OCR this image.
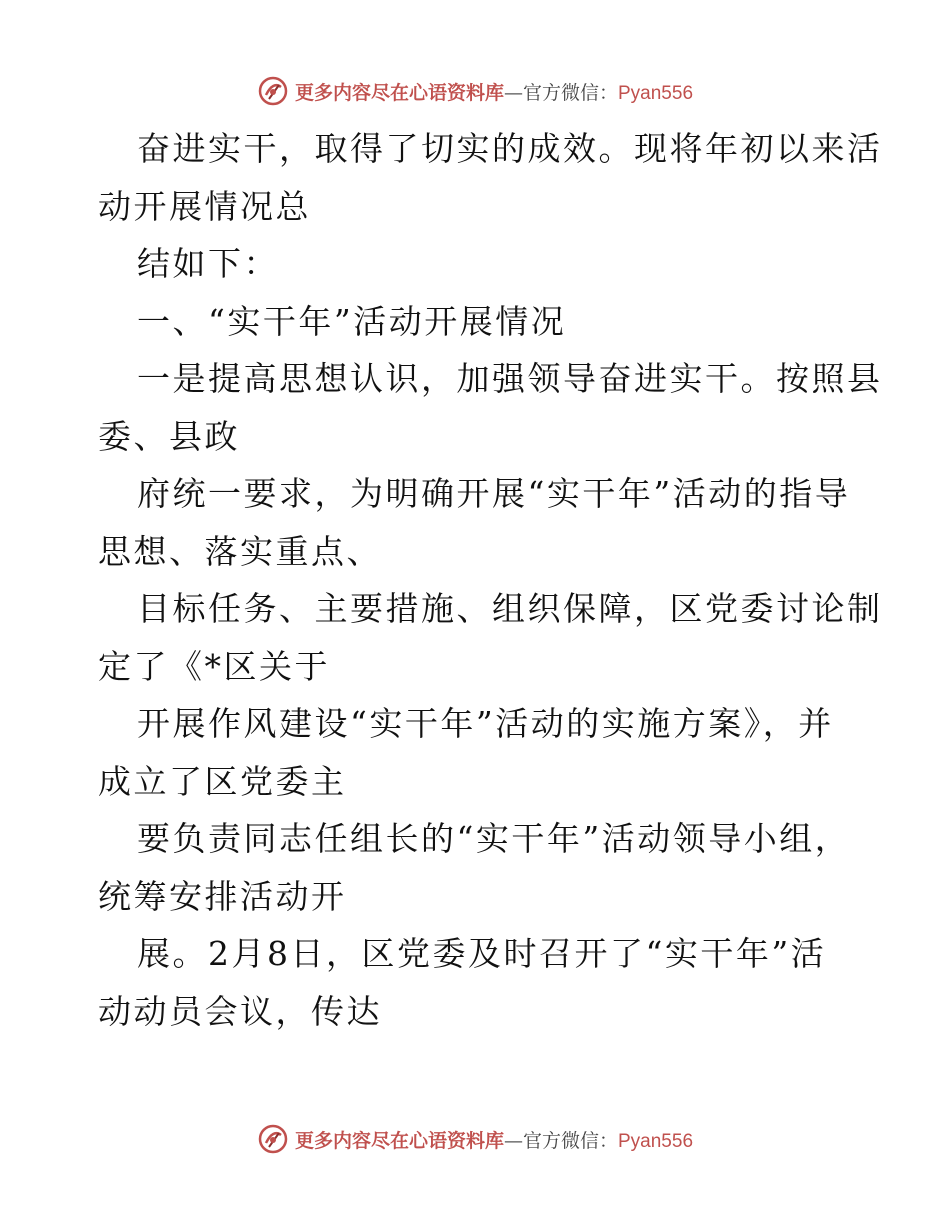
更多内容尽在心语资料库—官方微信：Pyan556
奋进实干，取得了切实的成效。现将年初以来活
动开展情况总
结如下：
一、“实干年”活动开展情况
一是提高思想认识，加强领导奋进实干。按照县
委、县政
府统一要求，为明确开展“实干年”活动的指导
思想、落实重点、
目标任务、主要措施、组织保障，区党委讨论制
定了《*区关于
开展作风建设“实干年”活动的实施方案》，并
成立了区党委主
要负责同志任组长的“实干年”活动领导小组，
统筹安排活动开
展。2月8日，区党委及时召开了“实干年”活
动动员会议，传达
更多内容尽在心语资料库—官方微信：Pyan556
